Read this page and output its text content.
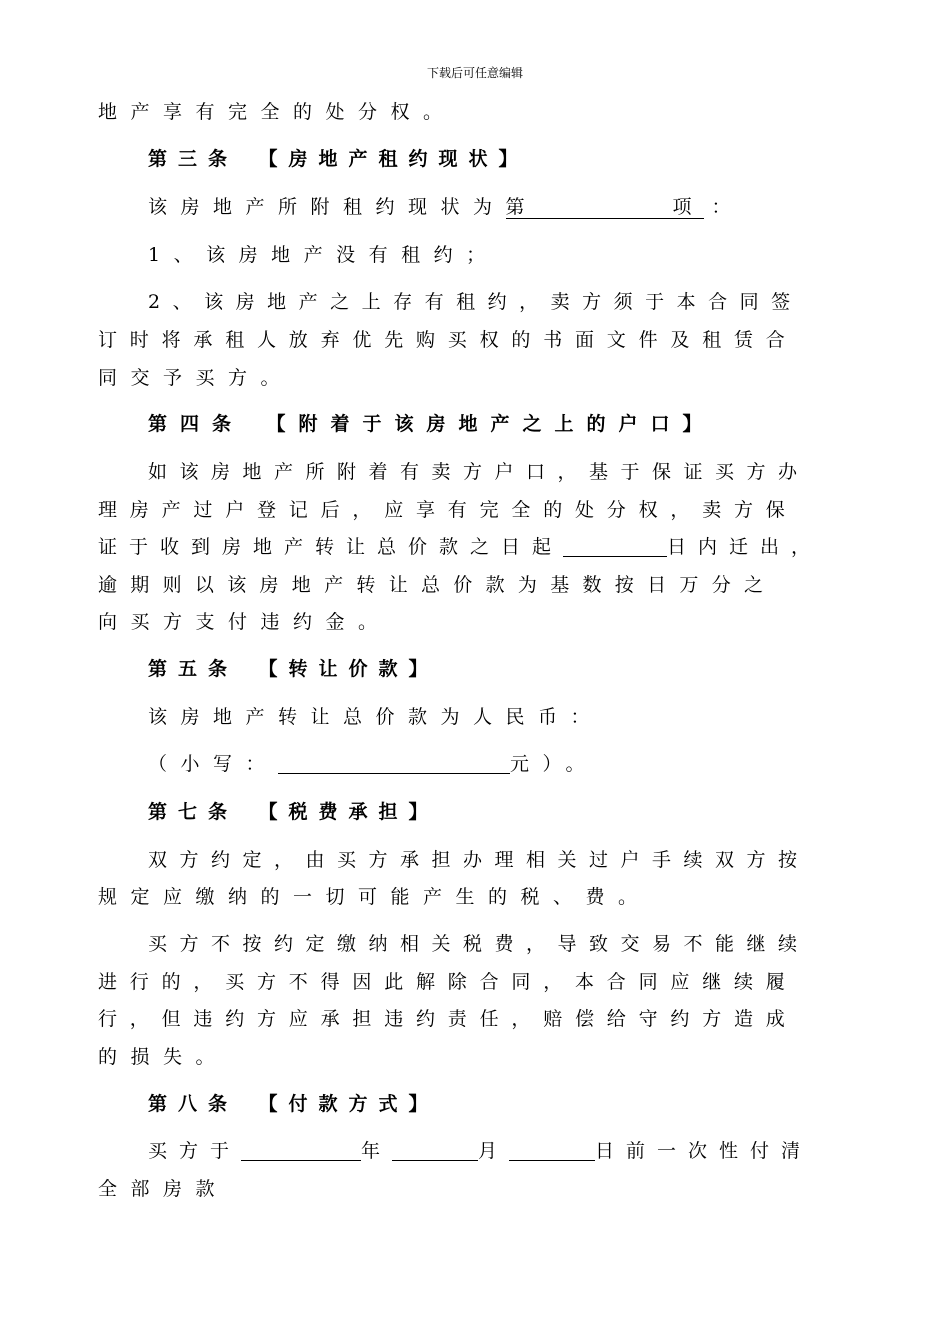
下载后可任意编辑
地产享有完全的处分权。
第三条　【房地产租约现状】
该房地产所附租约现状为第	项 ：
1、该房地产没有租约；
2、该房地产之上存有租约，卖方须于本合同签
订时将承租人放弃优先购买权的书面文件及租赁合
同交予买方。
第四条　【附着于该房地产之上的户口】
如该房地产所附着有卖方户口，基于保证买方办
理房产过户登记后，应享有完全的处分权，卖方保
证于收到房地产转让总价款之日起	日内迁出，
逾期则以该房地产转让总价款为基数按日万分之
向买方支付违约金。
第五条　【转让价款】
该房地产转让总价款为人民币：
（小写：	元）。
第七条　【税费承担】
双方约定，由买方承担办理相关过户手续双方按
规定应缴纳的一切可能产生的税、费。
买方不按约定缴纳相关税费，导致交易不能继续
进行的，买方不得因此解除合同，本合同应继续履
行，但违约方应承担违约责任，赔偿给守约方造成
的损失。
第八条　【付款方式】
买方于	年	月	日前一次性付清
全部房款
